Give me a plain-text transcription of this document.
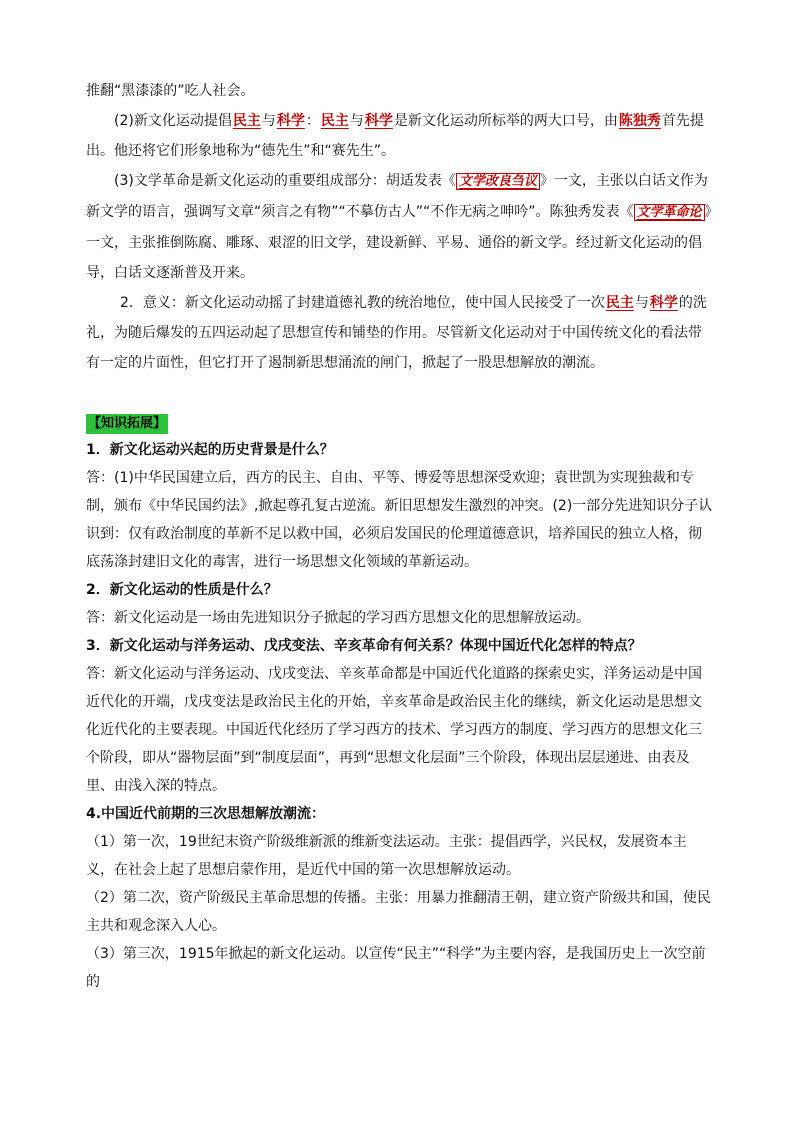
推翻“黑漆漆的”吃人社会。

(2)新文化运动提倡民主与科学：民主与科学是新文化运动所标举的两大口号，由陈独秀首先提出。他还将它们形象地称为“德先生”和“赛先生”。

(3)文学革命是新文化运动的重要组成部分：胡适发表《 文学改良刍议 》一文，主张以白话文作为新文学的语言，强调写文章“须言之有物”“不摹仿古人”“不作无病之呻吟”。陈独秀发表《 文学革命论 》一文，主张推倒陈腐、雕琢、艰涩的旧文学，建设新鲜、平易、通俗的新文学。经过新文化运动的倡导，白话文逐渐普及开来。

2．意义：新文化运动动摇了封建道德礼教的统治地位，使中国人民接受了一次民主与科学的洗礼，为随后爆发的五四运动起了思想宣传和铺垫的作用。尽管新文化运动对于中国传统文化的看法带有一定的片面性，但它打开了遏制新思想涌流的闸门，掀起了一股思想解放的潮流。

【知识拓展】

1．新文化运动兴起的历史背景是什么？

答：(1)中华民国建立后，西方的民主、自由、平等、博爱等思想深受欢迎；袁世凯为实现独裁和专制，颁布《中华民国约法》,掀起尊孔复古逆流。新旧思想发生激烈的冲突。(2)一部分先进知识分子认识到：仅有政治制度的革新不足以救中国，必须启发国民的伦理道德意识，培养国民的独立人格，彻底荡涤封建旧文化的毒害，进行一场思想文化领域的革新运动。

2．新文化运动的性质是什么？

答：新文化运动是一场由先进知识分子掀起的学习西方思想文化的思想解放运动。

3．新文化运动与洋务运动、戊戌变法、辛亥革命有何关系？体现中国近代化怎样的特点？

答：新文化运动与洋务运动、戊戌变法、辛亥革命都是中国近代化道路的探索史实，洋务运动是中国近代化的开端，戊戌变法是政治民主化的开始，辛亥革命是政治民主化的继续，新文化运动是思想文化近代化的主要表现。中国近代化经历了学习西方的技术、学习西方的制度、学习西方的思想文化三个阶段，即从“器物层面”到“制度层面”，再到“思想文化层面”三个阶段，体现出层层递进、由表及里、由浅入深的特点。

4.中国近代前期的三次思想解放潮流：

（1）第一次，19世纪末资产阶级维新派的维新变法运动。主张：提倡西学，兴民权，发展资本主义，在社会上起了思想启蒙作用，是近代中国的第一次思想解放运动。

（2）第二次，资产阶级民主革命思想的传播。主张：用暴力推翻清王朝，建立资产阶级共和国，使民主共和观念深入人心。

（3）第三次，1915年掀起的新文化运动。以宣传“民主”“科学”为主要内容，是我国历史上一次空前的
